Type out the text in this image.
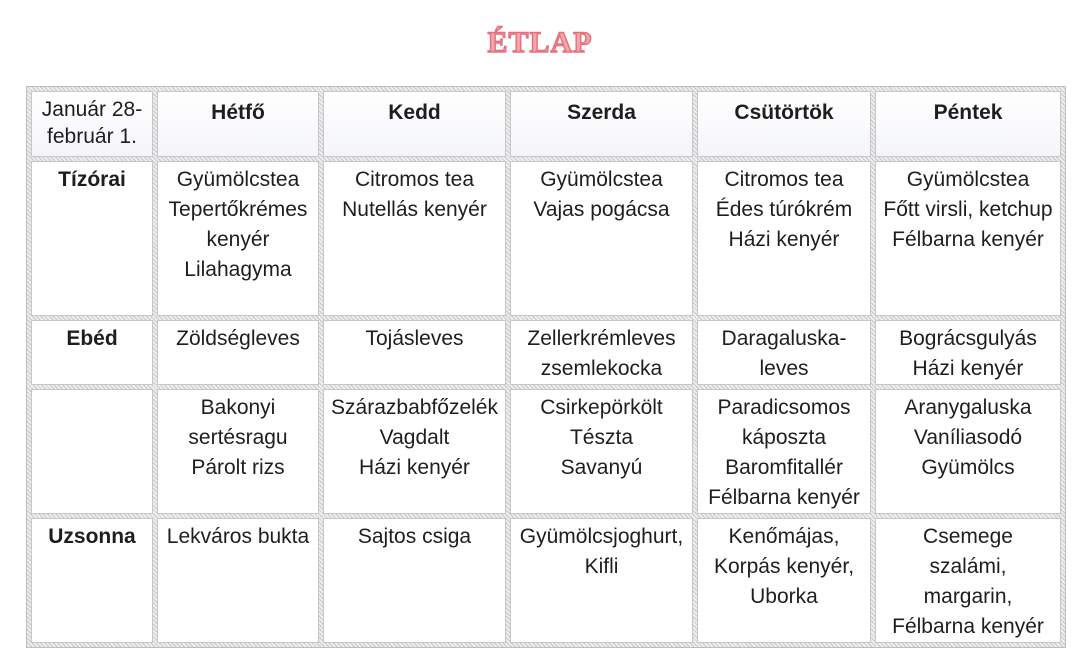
ÉTLAP
Január 28-
február 1.	Hétfő	Kedd	Szerda	Csütörtök	Péntek
Tízórai	Gyümölcstea
Tepertőkrémes
kenyér
Lilahagyma	Citromos tea
Nutellás kenyér	Gyümölcstea
Vajas pogácsa	Citromos tea
Édes túrókrém
Házi kenyér	Gyümölcstea
Főtt virsli, ketchup
Félbarna kenyér

Ebéd	Zöldségleves	Tojásleves	Zellerkrémleves
zsemlekocka	Daragaluska-
leves	Bográcsgulyás
Házi kenyér

	Bakonyi
sertésragu
Párolt rizs	Szárazbabfőzelék
Vagdalt
Házi kenyér	Csirkepörkölt
Tészta
Savanyú	Paradicsomos
káposzta
Baromfitallér
Félbarna kenyér	Aranygaluska
Vaníliasodó
Gyümölcs

Uzsonna	Lekváros bukta	Sajtos csiga	Gyümölcsjoghurt,
Kifli	Kenőmájas,
Korpás kenyér,
Uborka	Csemege
szalámi,
margarin,
Félbarna kenyér
